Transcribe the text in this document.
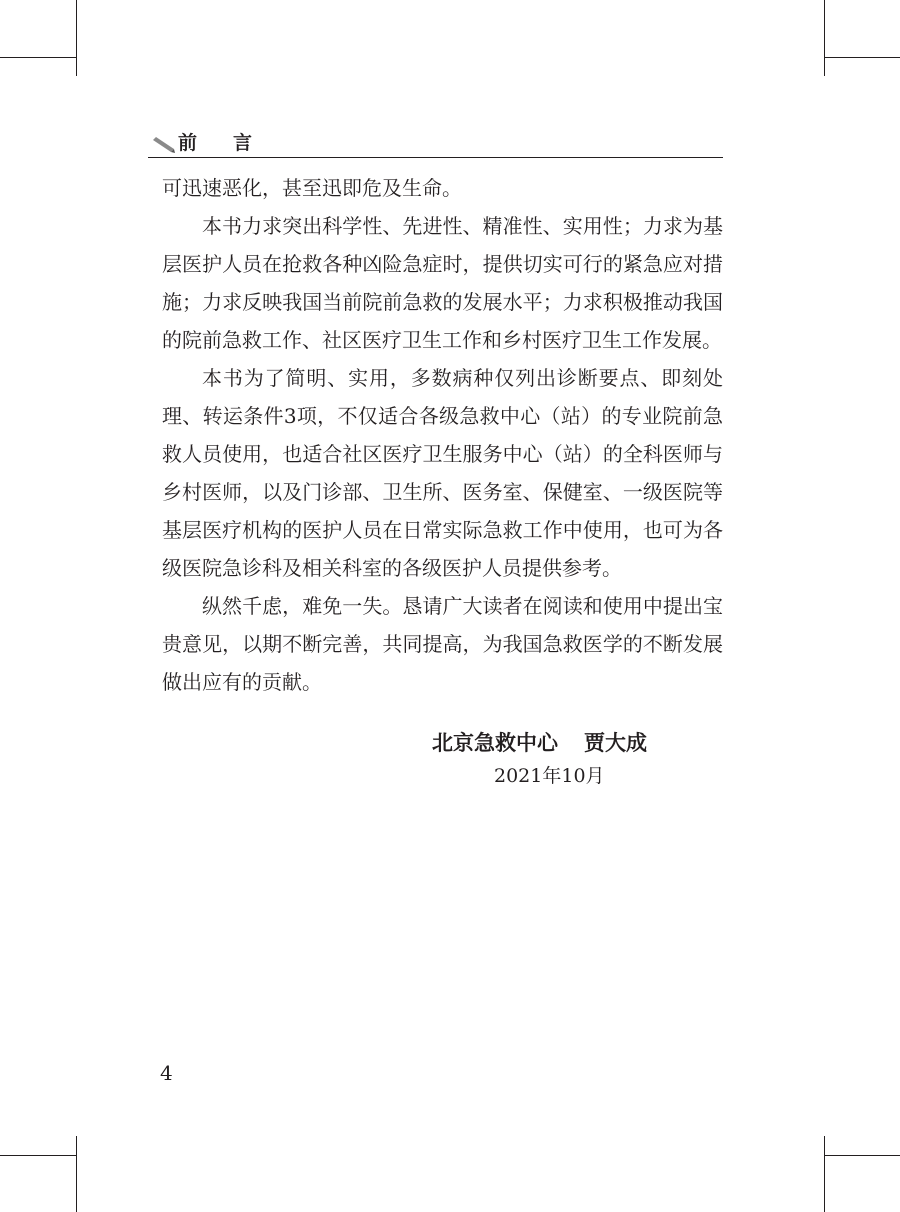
前言

可迅速恶化，甚至迅即危及生命。

本书力求突出科学性、先进性、精准性、实用性；力求为基层医护人员在抢救各种凶险急症时，提供切实可行的紧急应对措施；力求反映我国当前院前急救的发展水平；力求积极推动我国的院前急救工作、社区医疗卫生工作和乡村医疗卫生工作发展。

本书为了简明、实用，多数病种仅列出诊断要点、即刻处理、转运条件3项，不仅适合各级急救中心（站）的专业院前急救人员使用，也适合社区医疗卫生服务中心（站）的全科医师与乡村医师，以及门诊部、卫生所、医务室、保健室、一级医院等基层医疗机构的医护人员在日常实际急救工作中使用，也可为各级医院急诊科及相关科室的各级医护人员提供参考。

纵然千虑，难免一失。恳请广大读者在阅读和使用中提出宝贵意见，以期不断完善，共同提高，为我国急救医学的不断发展做出应有的贡献。

北京急救中心 贾大成
2021年10月
4
